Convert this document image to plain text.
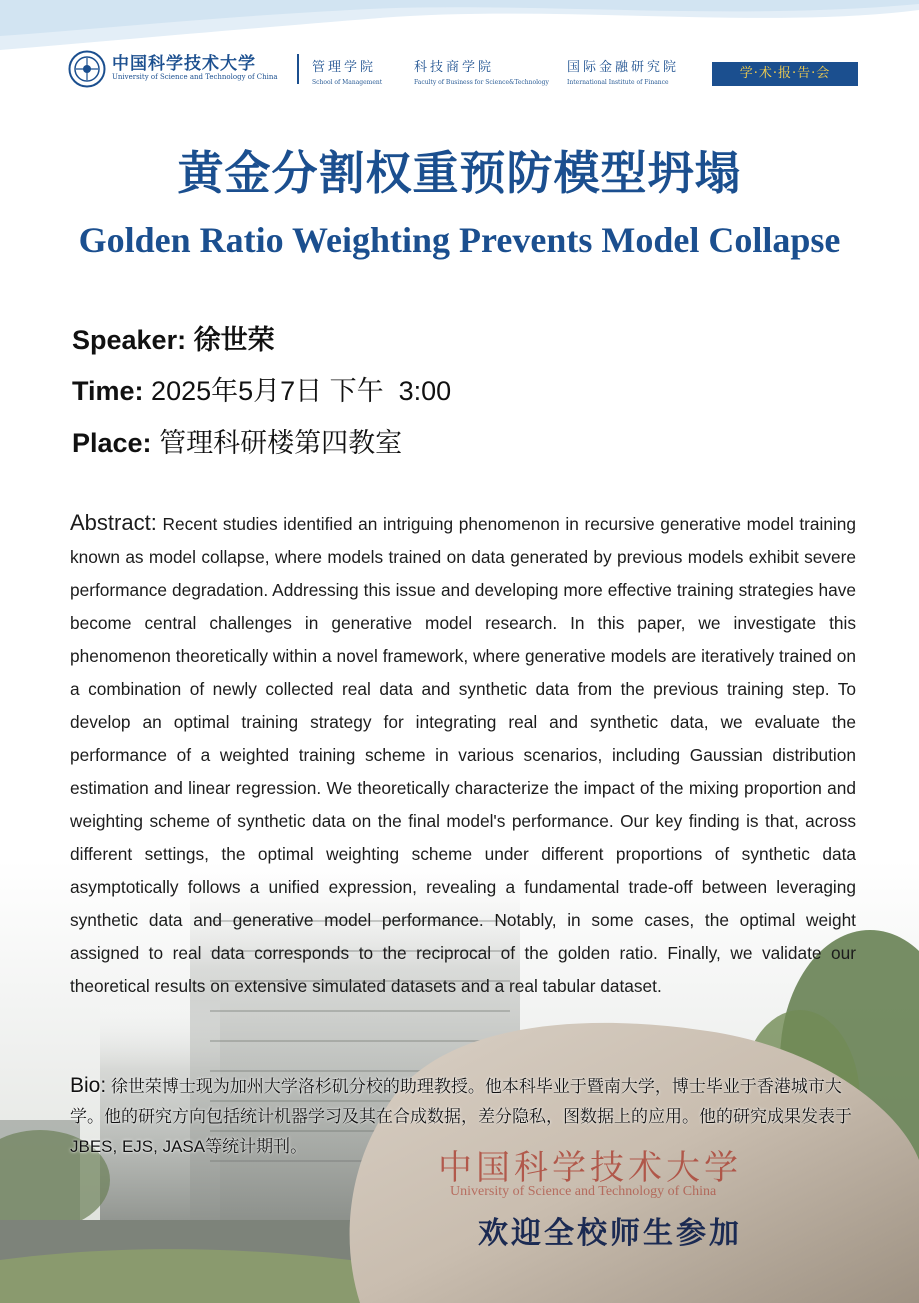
中国科学技术大学
University of Science and Technology of China
管理学院
School of Management
科技商学院
Faculty of Business for Science&Technology
国际金融研究院
International Institute of Finance
学·术·报·告·会
黄金分割权重预防模型坍塌
Golden Ratio Weighting Prevents Model Collapse
Speaker: 徐世荣
Time: 2025年5月7日 下午  3:00
Place: 管理科研楼第四教室
Abstract: Recent studies identified an intriguing phenomenon in recursive generative model training known as model collapse, where models trained on data generated by previous models exhibit severe performance degradation. Addressing this issue and developing more effective training strategies have become central challenges in generative model research. In this paper, we investigate this phenomenon theoretically within a novel framework, where generative models are iteratively trained on a combination of newly collected real data and synthetic data from the previous training step. To develop an optimal training strategy for integrating real and synthetic data, we evaluate the performance of a weighted training scheme in various scenarios, including Gaussian distribution estimation and linear regression. We theoretically characterize the impact of the mixing proportion and weighting scheme of synthetic data on the final model's performance. Our key finding is that, across different settings, the optimal weighting scheme under different proportions of synthetic data asymptotically follows a unified expression, revealing a fundamental trade-off between leveraging synthetic data and generative model performance. Notably, in some cases, the optimal weight assigned to real data corresponds to the reciprocal of the golden ratio. Finally, we validate our theoretical results on extensive simulated datasets and a real tabular dataset.
Bio: 徐世荣博士现为加州大学洛杉矶分校的助理教授。他本科毕业于暨南大学，博士毕业于香港城市大学。他的研究方向包括统计机器学习及其在合成数据，差分隐私，图数据上的应用。他的研究成果发表于JBES, EJS, JASA等统计期刊。
中国科学技术大学
University of Science and Technology of China
欢迎全校师生参加
